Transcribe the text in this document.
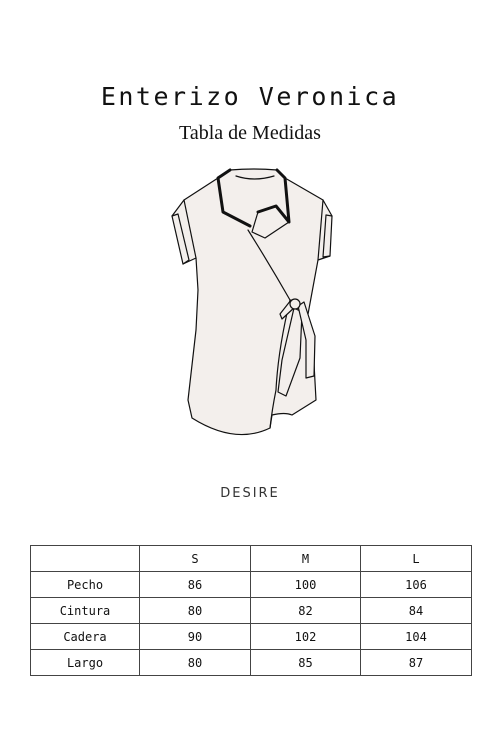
Enterizo Veronica
Tabla de Medidas
DESIRE
	S	M	L
Pecho	86	100	106
Cintura	80	82	84
Cadera	90	102	104
Largo	80	85	87
